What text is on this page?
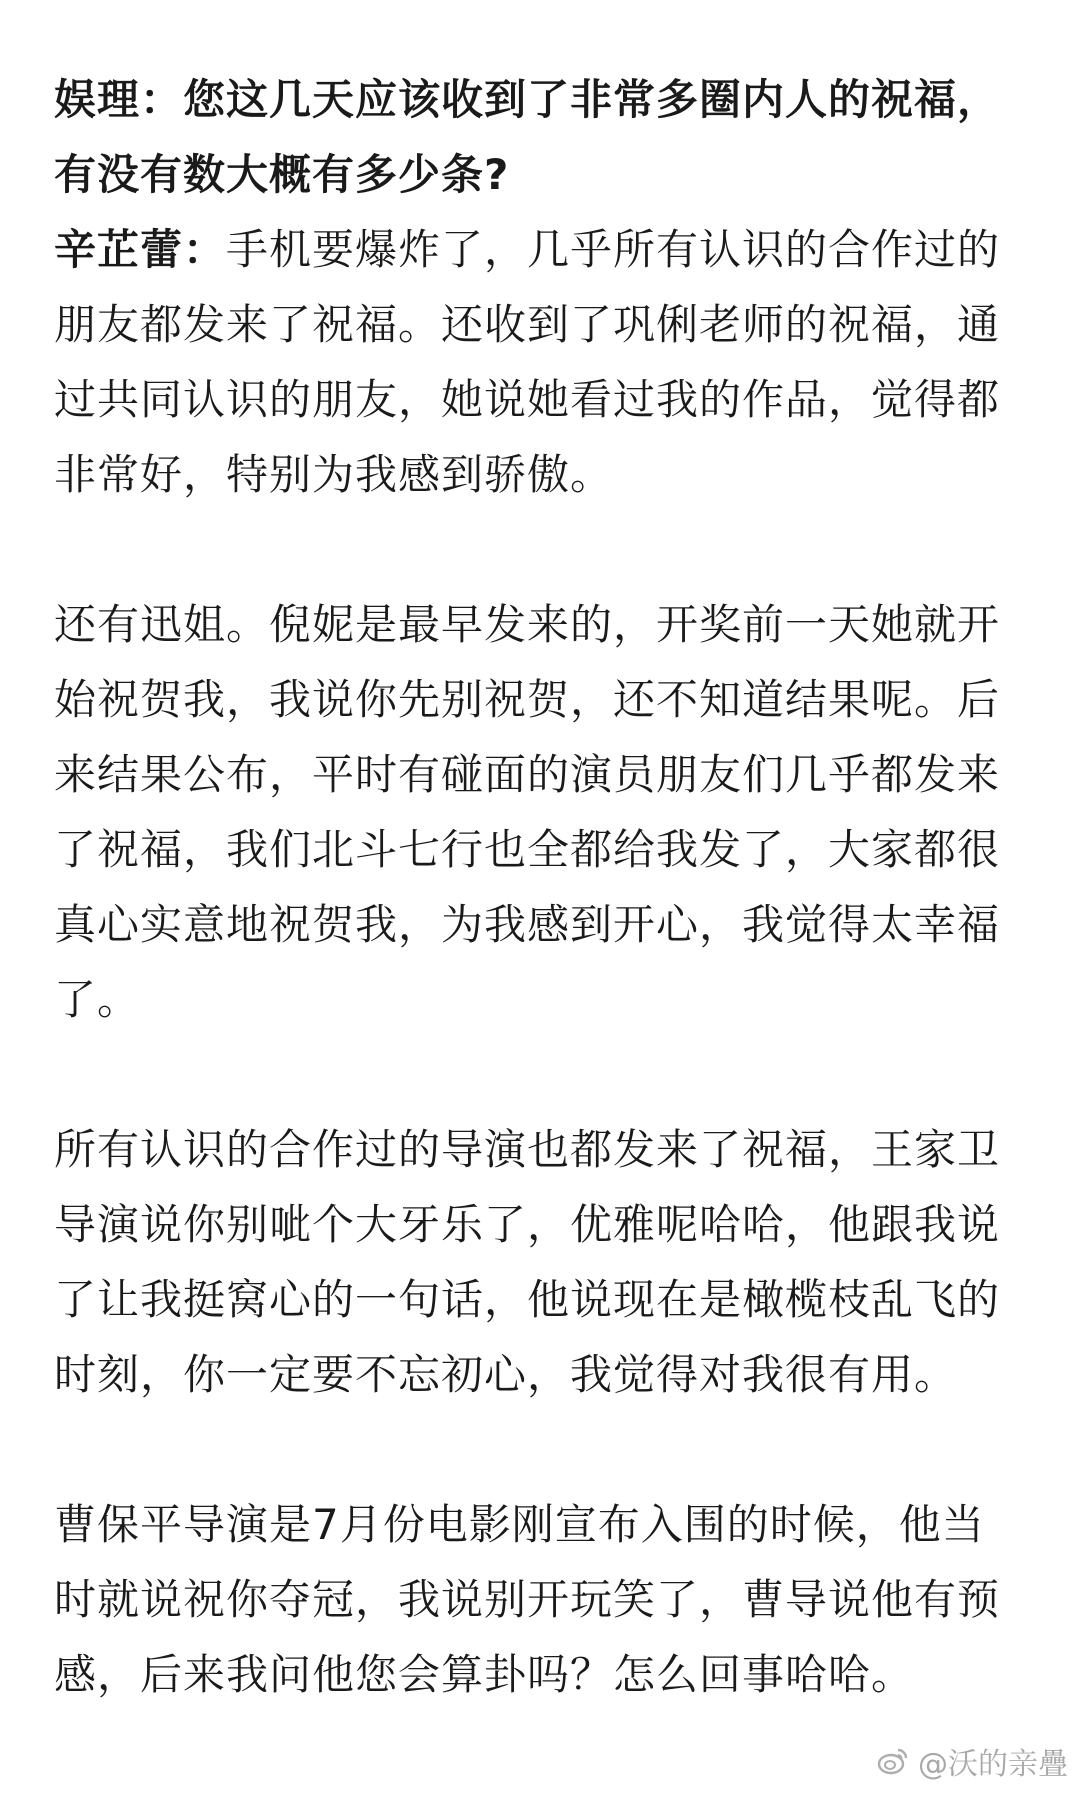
娱理：您这几天应该收到了非常多圈内人的祝福，有没有数大概有多少条?

辛芷蕾：手机要爆炸了，几乎所有认识的合作过的朋友都发来了祝福。还收到了巩俐老师的祝福，通过共同认识的朋友，她说她看过我的作品，觉得都非常好，特别为我感到骄傲。

还有迅姐。倪妮是最早发来的，开奖前一天她就开始祝贺我，我说你先别祝贺，还不知道结果呢。后来结果公布，平时有碰面的演员朋友们几乎都发来了祝福，我们北斗七行也全都给我发了，大家都很真心实意地祝贺我，为我感到开心，我觉得太幸福了。

所有认识的合作过的导演也都发来了祝福，王家卫导演说你别呲个大牙乐了，优雅呢哈哈，他跟我说了让我挺窝心的一句话，他说现在是橄榄枝乱飞的时刻，你一定要不忘初心，我觉得对我很有用。

曹保平导演是7月份电影刚宣布入围的时候，他当时就说祝你夺冠，我说别开玩笑了，曹导说他有预感，后来我问他您会算卦吗？怎么回事哈哈。

@沃的亲疊
